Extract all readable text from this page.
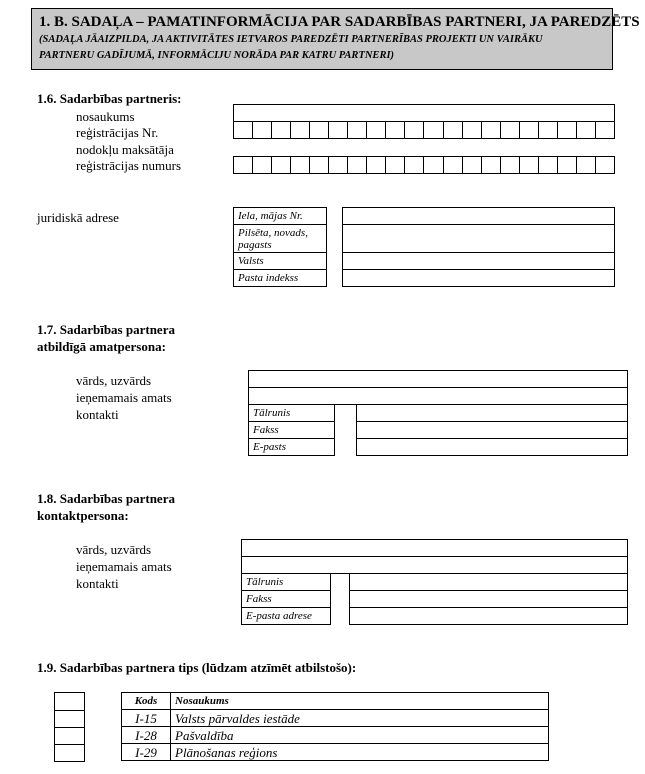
1. B. SADAĻA – PAMATINFORMĀCIJA PAR SADARBĪBAS PARTNERI, JA PAREDZĒTS
(SADAĻA JĀAIZPILDA, JA AKTIVITĀTES IETVAROS PAREDZĒTI PARTNERĪBAS PROJEKTI UN VAIRĀKU
PARTNERU GADĪJUMĀ, INFORMĀCIJU NORĀDA PAR KATRU PARTNERI)
1.6. Sadarbības partneris:
nosaukums
reģistrācijas Nr.
nodokļu maksātāja
reģistrācijas numurs
juridiskā adrese	Iela, mājas Nr.
Pilsēta, novads, pagasts
Valsts
Pasta indekss
1.7. Sadarbības partnera
atbildīgā amatpersona:
vārds, uzvārds
ieņemamais amats
kontakti	Tālrunis
Fakss
E-pasts
1.8. Sadarbības partnera
kontaktpersona:
vārds, uzvārds
ieņemamais amats
kontakti	Tālrunis
Fakss
E-pasta adrese
1.9. Sadarbības partnera tips (lūdzam atzīmēt atbilstošo):
Kods	Nosaukums
I-15	Valsts pārvaldes iestāde
I-28	Pašvaldība
I-29	Plānošanas reģions
